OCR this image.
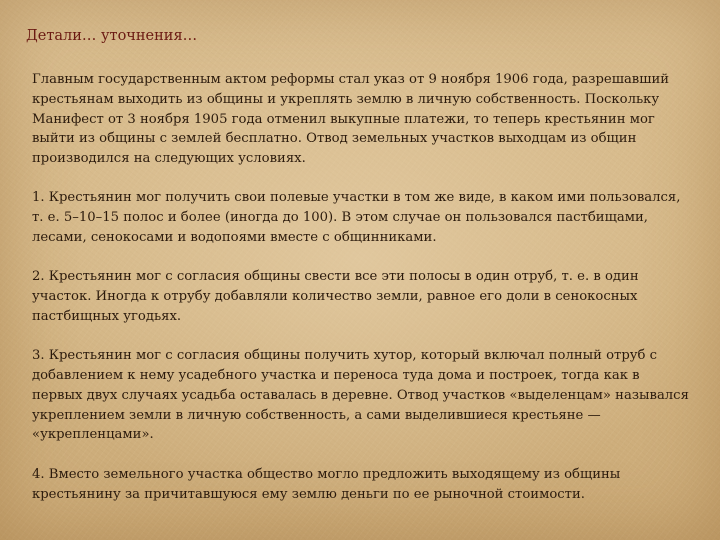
Детали… уточнения…

Главным государственным актом реформы стал указ от 9 ноября 1906 года, разрешавший крестьянам выходить из общины и укреплять землю в личную собственность. Поскольку Манифест от 3 ноября 1905 года отменил выкупные платежи, то теперь крестьянин мог выйти из общины с землей бесплатно. Отвод земельных участков выходцам из общин производился на следующих условиях.

1. Крестьянин мог получить свои полевые участки в том же виде, в каком ими пользовался, т. е. 5–10–15 полос и более (иногда до 100). В этом случае он пользовался пастбищами, лесами, сенокосами и водопоями вместе с общинниками.

2. Крестьянин мог с согласия общины свести все эти полосы в один отруб, т. е. в один участок. Иногда к отрубу добавляли количество земли, равное его доли в сенокосных пастбищных угодьях.

3. Крестьянин мог с согласия общины получить хутор, который включал полный отруб с добавлением к нему усадебного участка и переноса туда дома и построек, тогда как в первых двух случаях усадьба оставалась в деревне. Отвод участков «выделенцам» назывался укреплением земли в личную собственность, а сами выделившиеся крестьяне — «укрепленцами».

4. Вместо земельного участка общество могло предложить выходящему из общины крестьянину за причитавшуюся ему землю деньги по ее рыночной стоимости.
